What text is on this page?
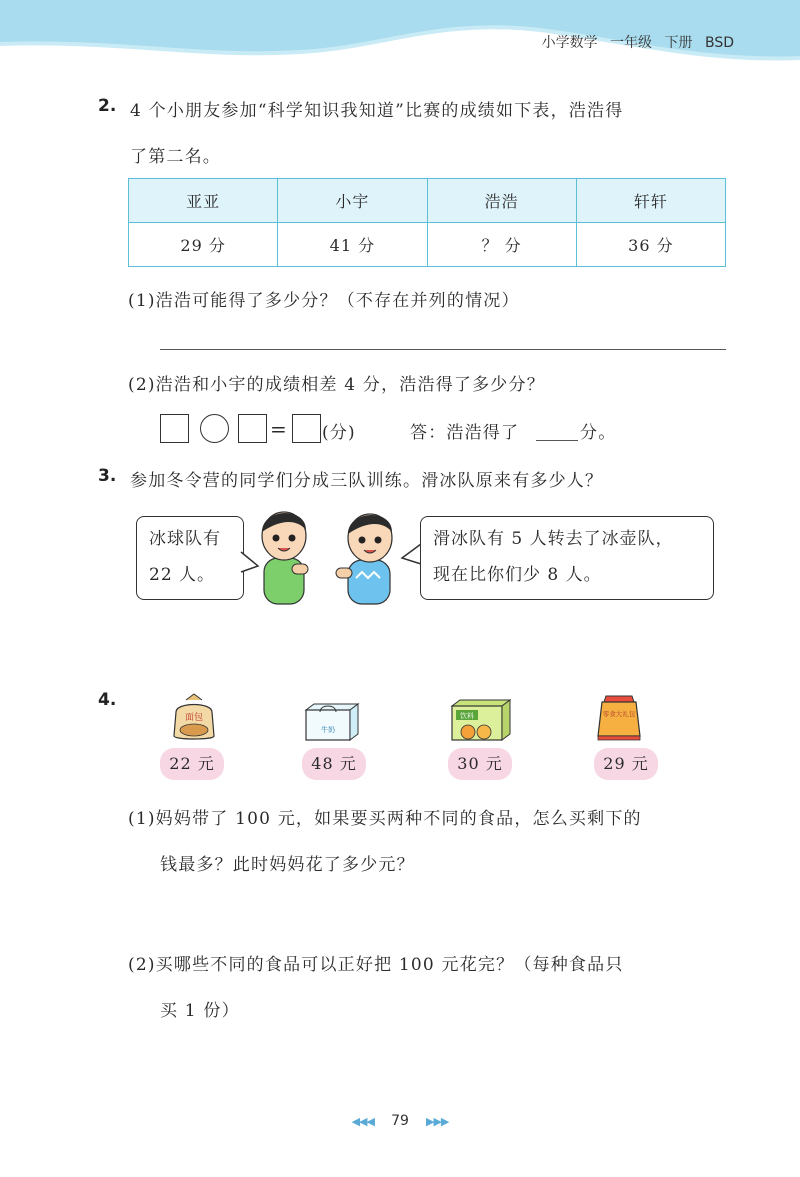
小学数学 一年级 下册 BSD
2. 4 个小朋友参加“科学知识我知道”比赛的成绩如下表，浩浩得
了第二名。
亚亚	小宇	浩浩	轩轩
29 分	41 分	？ 分	36 分
(1)浩浩可能得了多少分？（不存在并列的情况）
(2)浩浩和小宇的成绩相差 4 分，浩浩得了多少分？
= (分)	答：浩浩得了	分。
3. 参加冬令营的同学们分成三队训练。滑冰队原来有多少人？
冰球队有
22 人。
滑冰队有 5 人转去了冰壶队，
现在比你们少 8 人。
4.
面包
22 元
牛奶
48 元
饮料
30 元
零食大礼包
29 元
(1)妈妈带了 100 元，如果要买两种不同的食品，怎么买剩下的
钱最多？此时妈妈花了多少元？
(2)买哪些不同的食品可以正好把 100 元花完？（每种食品只
买 1 份）
◀◀◀ 79 ▶▶▶
